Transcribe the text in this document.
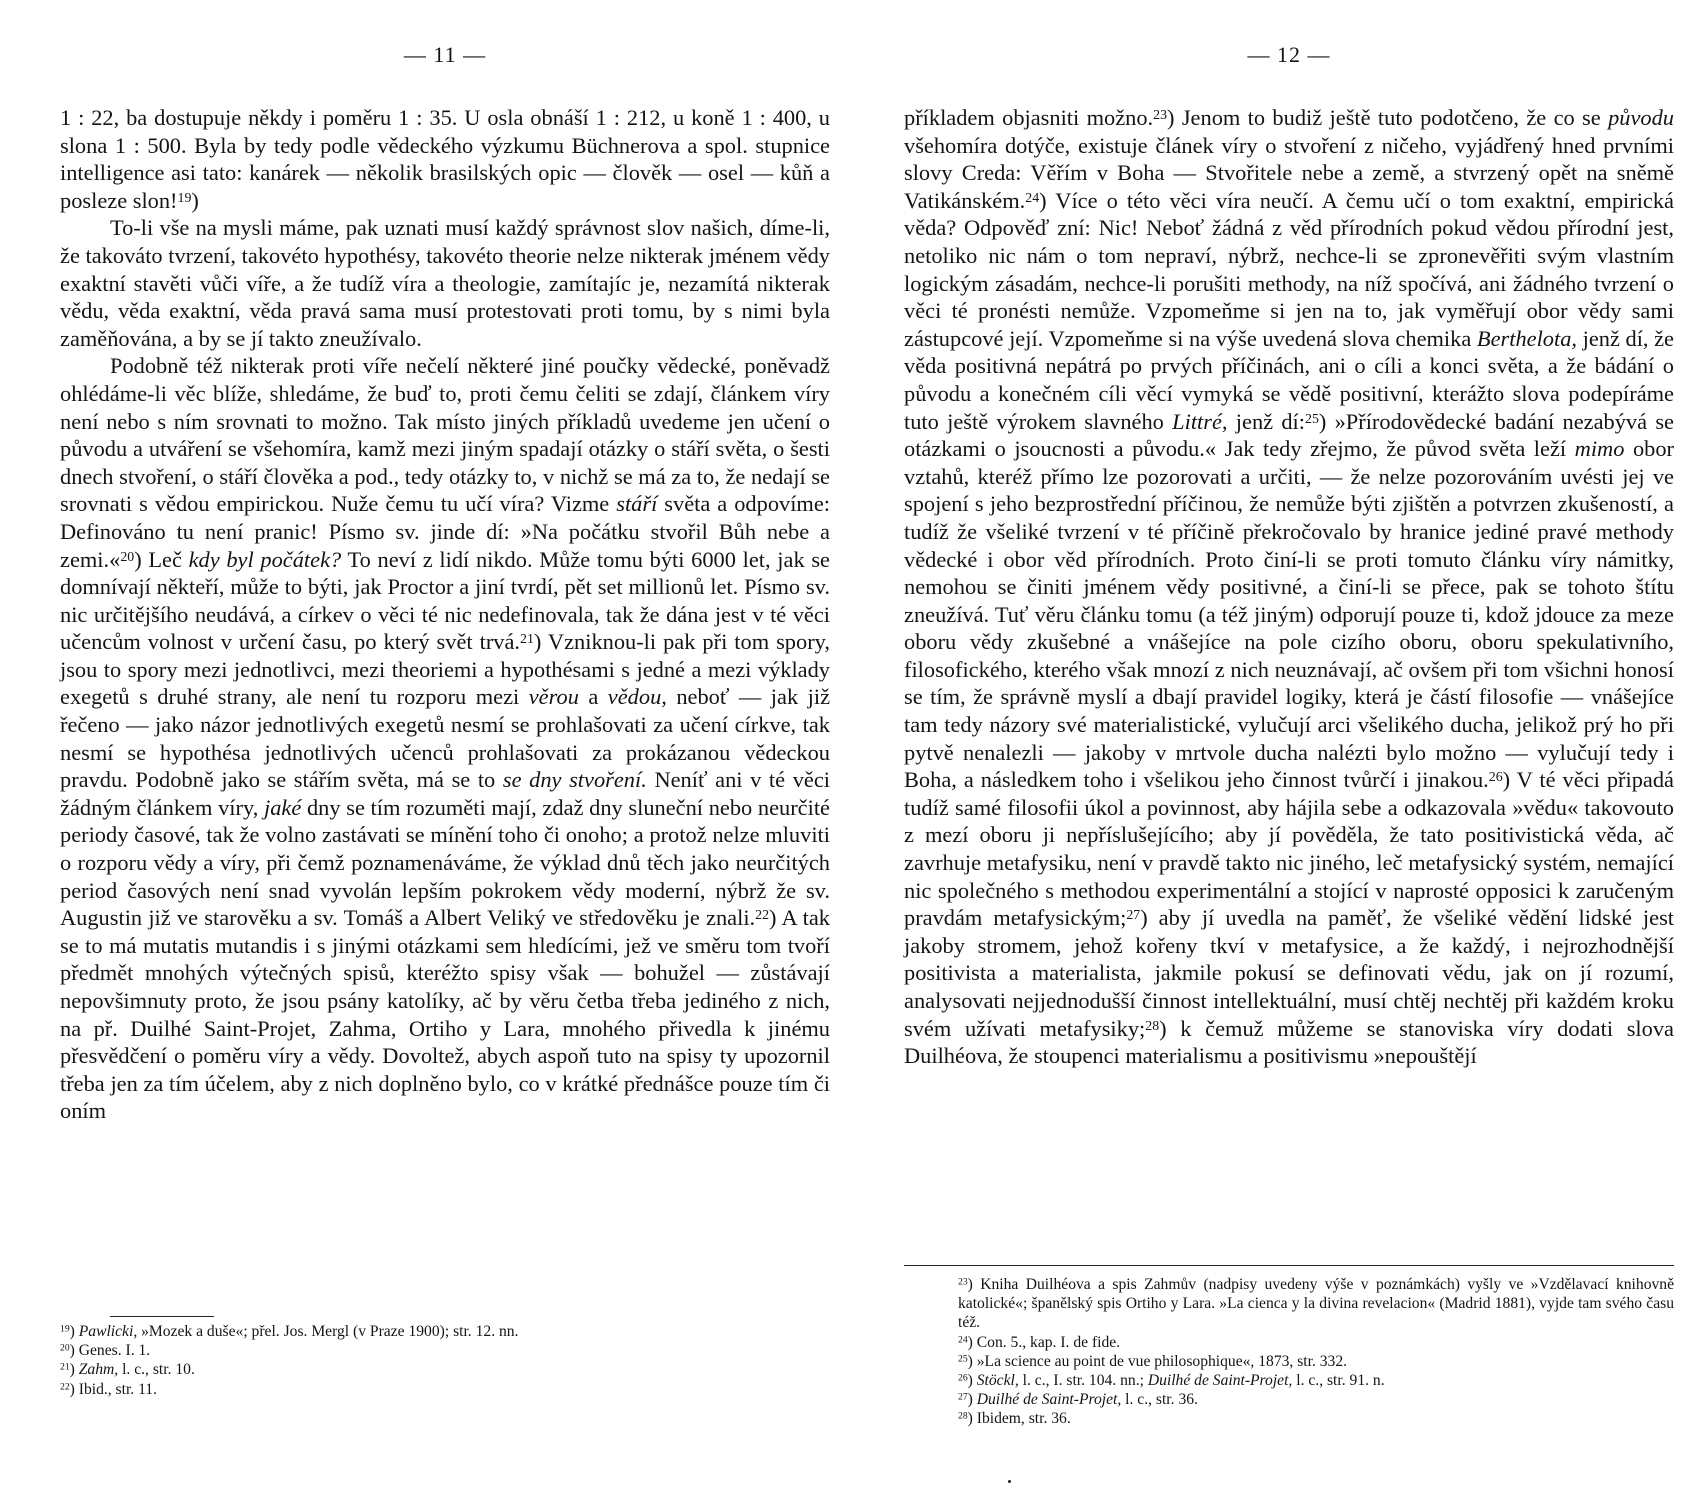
— 11 —

1 : 22, ba dostupuje někdy i poměru 1 : 35. U osla obnáší 1 : 212, u koně 1 : 400, u slona 1 : 500. Byla by tedy podle vědeckého výzkumu Büchnerova a spol. stupnice intelligence asi tato: kanárek — několik brasilských opic — člověk — osel — kůň a posleze slon!$^{19}$)

To-li vše na mysli máme, pak uznati musí každý správnost slov našich, díme-li, že takováto tvrzení, takovéto hypothésy, takovéto theorie nelze nikterak jménem vědy exaktní stavěti vůči víře, a že tudíž víra a theologie, zamítajíc je, nezamítá nikterak vědu, věda exaktní, věda pravá sama musí protestovati proti tomu, by s nimi byla zaměňována, a by se jí takto zneužívalo.

Podobně též nikterak proti víře nečelí některé jiné poučky vědecké, poněvadž ohlédáme-li věc blíže, shledáme, že buď to, proti čemu čeliti se zdají, článkem víry není nebo s ním srovnati to možno. Tak místo jiných příkladů uvedeme jen učení o původu a utváření se všehomíra, kamž mezi jiným spadají otázky o stáří světa, o šesti dnech stvoření, o stáří člověka a pod., tedy otázky to, v nichž se má za to, že nedají se srovnati s vědou empirickou. Nuže čemu tu učí víra? Vizme stáří světa a odpovíme: Definováno tu není pranic! Písmo sv. jinde dí: »Na počátku stvořil Bůh nebe a zemi.«$^{20}$) Leč kdy byl počátek? To neví z lidí nikdo. Může tomu býti 6000 let, jak se domnívají někteří, může to býti, jak Proctor a jiní tvrdí, pět set millionů let. Písmo sv. nic určitějšího neudává, a církev o věci té nic nedefinovala, tak že dána jest v té věci učencům volnost v určení času, po který svět trvá.$^{21}$) Vzniknou-li pak při tom spory, jsou to spory mezi jednotlivci, mezi theoriemi a hypothésami s jedné a mezi výklady exegetů s druhé strany, ale není tu rozporu mezi věrou a vědou, neboť — jak již řečeno — jako názor jednotlivých exegetů nesmí se prohlašovati za učení církve, tak nesmí se hypothésa jednotlivých učenců prohlašovati za prokázanou vědeckou pravdu. Podobně jako se stářím světa, má se to se dny stvoření. Neníť ani v té věci žádným článkem víry, jaké dny se tím rozuměti mají, zdaž dny sluneční nebo neurčité periody časové, tak že volno zastávati se mínění toho či onoho; a protož nelze mluviti o rozporu vědy a víry, při čemž poznamenáváme, že výklad dnů těch jako neurčitých period časových není snad vyvolán lepším pokrokem vědy moderní, nýbrž že sv. Augustin již ve starověku a sv. Tomáš a Albert Veliký ve středověku je znali.$^{22}$) A tak se to má mutatis mutandis i s jinými otázkami sem hledícími, jež ve směru tom tvoří předmět mnohých výtečných spisů, kteréžto spisy však — bohužel — zůstávají nepovšimnuty proto, že jsou psány katolíky, ač by věru četba třeba jediného z nich, na př. Duilhé Saint-Projet, Zahma, Ortiho y Lara, mnohého přivedla k jinému přesvědčení o poměru víry a vědy. Dovoltež, abych aspoň tuto na spisy ty upozornil třeba jen za tím účelem, aby z nich doplněno bylo, co v krátké přednášce pouze tím či oním

$^{19}$) Pawlicki, »Mozek a duše«; přel. Jos. Mergl (v Praze 1900); str. 12. nn.

$^{20}$) Genes. I. 1.

$^{21}$) Zahm, l. c., str. 10.

$^{22}$) Ibid., str. 11.

— 12 —

příkladem objasniti možno.$^{23}$) Jenom to budiž ještě tuto podotčeno, že co se původu všehomíra dotýče, existuje článek víry o stvoření z ničeho, vyjádřený hned prvními slovy Creda: Věřím v Boha — Stvořitele nebe a země, a stvrzený opět na sněmě Vatikánském.$^{24}$) Více o této věci víra neučí. A čemu učí o tom exaktní, empirická věda? Odpověď zní: Nic! Neboť žádná z věd přírodních pokud vědou přírodní jest, netoliko nic nám o tom nepraví, nýbrž, nechce-li se zpronevěřiti svým vlastním logickým zásadám, nechce-li porušiti methody, na níž spočívá, ani žádného tvrzení o věci té pronésti nemůže. Vzpomeňme si jen na to, jak vyměřují obor vědy sami zástupcové její. Vzpomeňme si na výše uvedená slova chemika Berthelota, jenž dí, že věda positivná nepátrá po prvých příčinách, ani o cíli a konci světa, a že bádání o původu a konečném cíli věcí vymyká se vědě positivní, kterážto slova podepíráme tuto ještě výrokem slavného Littré, jenž dí:$^{25}$) »Přírodovědecké badání nezabývá se otázkami o jsoucnosti a původu.« Jak tedy zřejmo, že původ světa leží mimo obor vztahů, kteréž přímo lze pozorovati a určiti, — že nelze pozorováním uvésti jej ve spojení s jeho bezprostřední příčinou, že nemůže býti zjištěn a potvrzen zkušeností, a tudíž že všeliké tvrzení v té příčině překročovalo by hranice jediné pravé methody vědecké i obor věd přírodních. Proto činí-li se proti tomuto článku víry námitky, nemohou se činiti jménem vědy positivné, a činí-li se přece, pak se tohoto štítu zneužívá. Tuť věru článku tomu (a též jiným) odporují pouze ti, kdož jdouce za meze oboru vědy zkušebné a vnášejíce na pole cizího oboru, oboru spekulativního, filosofického, kterého však mnozí z nich neuznávají, ač ovšem při tom všichni honosí se tím, že správně myslí a dbají pravidel logiky, která je částí filosofie — vnášejíce tam tedy názory své materialistické, vylučují arci všelikého ducha, jelikož prý ho při pytvě nenalezli — jakoby v mrtvole ducha nalézti bylo možno — vylučují tedy i Boha, a následkem toho i všelikou jeho činnost tvůrčí i jinakou.$^{26}$) V té věci připadá tudíž samé filosofii úkol a povinnost, aby hájila sebe a odkazovala »vědu« takovouto z mezí oboru ji nepříslušejícího; aby jí pověděla, že tato positivistická věda, ač zavrhuje metafysiku, není v pravdě takto nic jiného, leč metafysický systém, nemající nic společného s methodou experimentální a stojící v naprosté opposici k zaručeným pravdám metafysickým;$^{27}$) aby jí uvedla na paměť, že všeliké vědění lidské jest jakoby stromem, jehož kořeny tkví v metafysice, a že každý, i nejrozhodnější positivista a materialista, jakmile pokusí se definovati vědu, jak on jí rozumí, analysovati nejjednodušší činnost intellektuální, musí chtěj nechtěj při každém kroku svém užívati metafysiky;$^{28}$) k čemuž můžeme se stanoviska víry dodati slova Duilhéova, že stoupenci materialismu a positivismu »nepouštějí

$^{23}$) Kniha Duilhéova a spis Zahmův (nadpisy uvedeny výše v poznámkách) vyšly ve »Vzdělavací knihovně katolické«; španělský spis Ortiho y Lara. »La cienca y la divina revelacion« (Madrid 1881), vyjde tam svého času též.

$^{24}$) Con. 5., kap. I. de fide.

$^{25}$) »La science au point de vue philosophique«, 1873, str. 332.

$^{26}$) Stöckl, l. c., I. str. 104. nn.; Duilhé de Saint-Projet, l. c., str. 91. n.

$^{27}$) Duilhé de Saint-Projet, l. c., str. 36.

$^{28}$) Ibidem, str. 36.
